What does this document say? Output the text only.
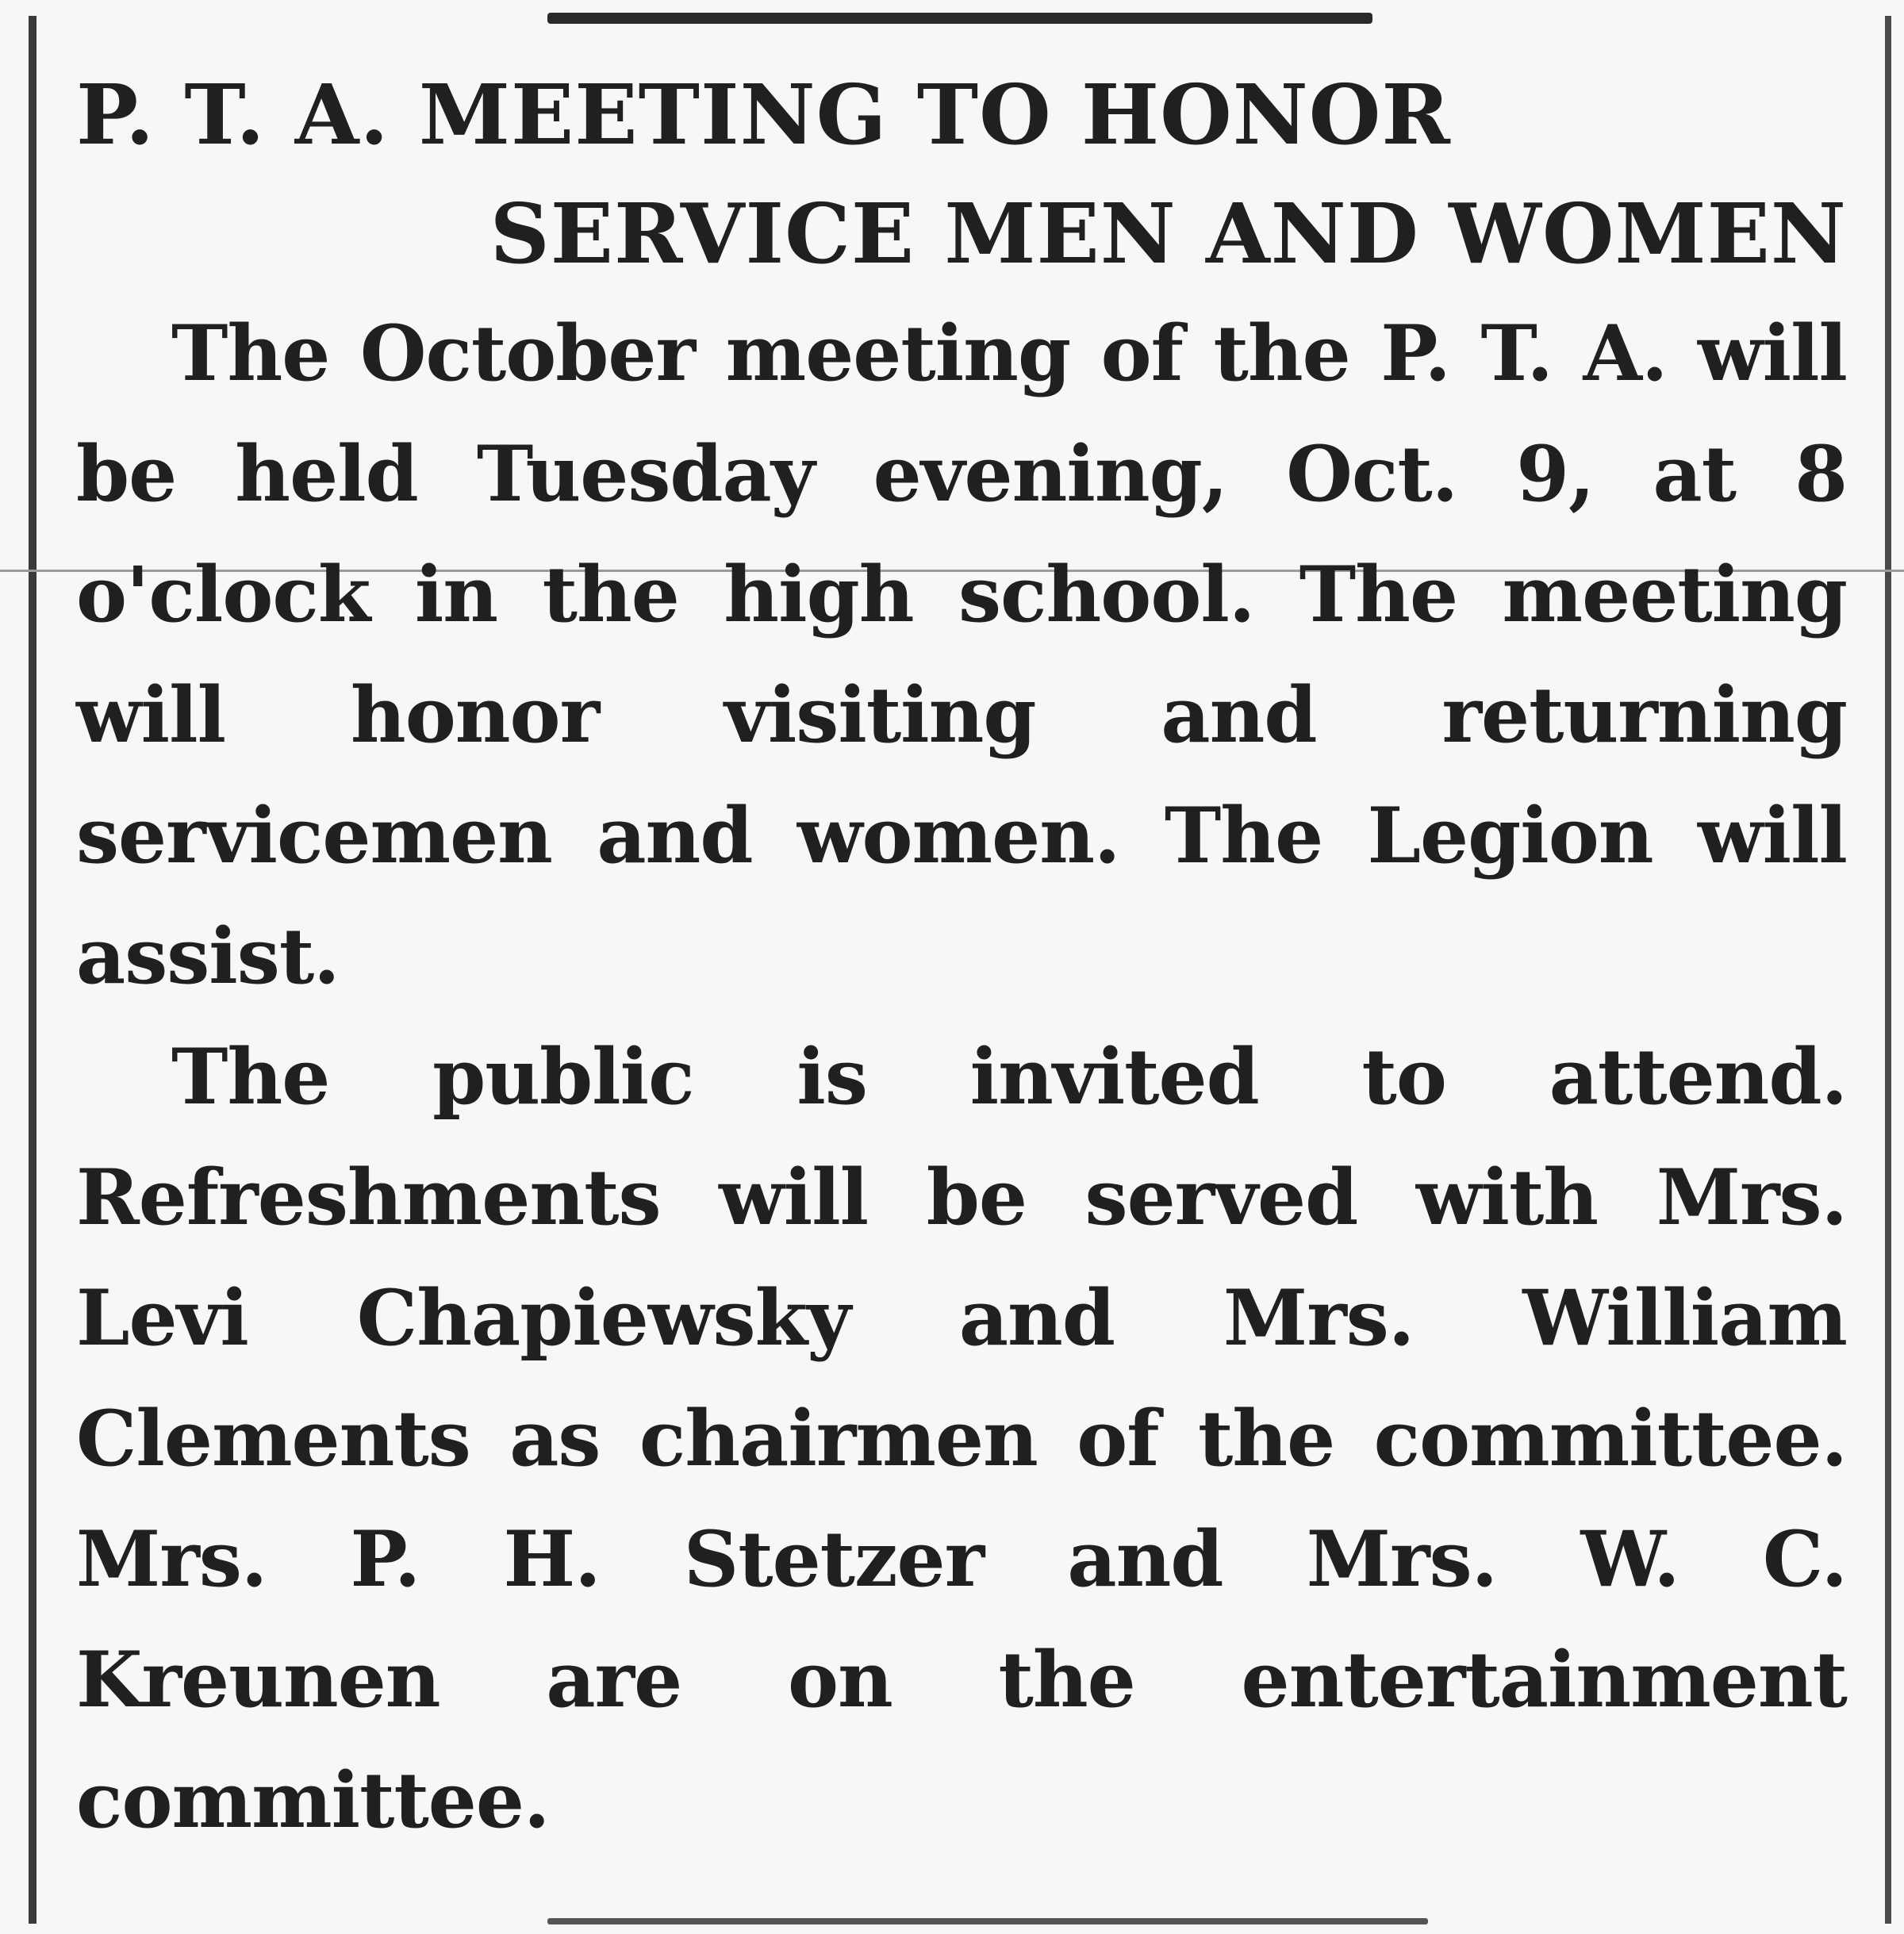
P. T. A. MEETING TO HONOR
SERVICE MEN AND WOMEN

The October meeting of the P. T. A. will be held Tuesday evening, Oct. 9, at 8 o'clock in the high school. The meeting will honor visiting and returning servicemen and women. The Legion will assist.

The public is invited to attend. Refreshments will be served with Mrs. Levi Chapiewsky and Mrs. William Clements as chairmen of the committee. Mrs. P. H. Stetzer and Mrs. W. C. Kreunen are on the entertainment committee.
